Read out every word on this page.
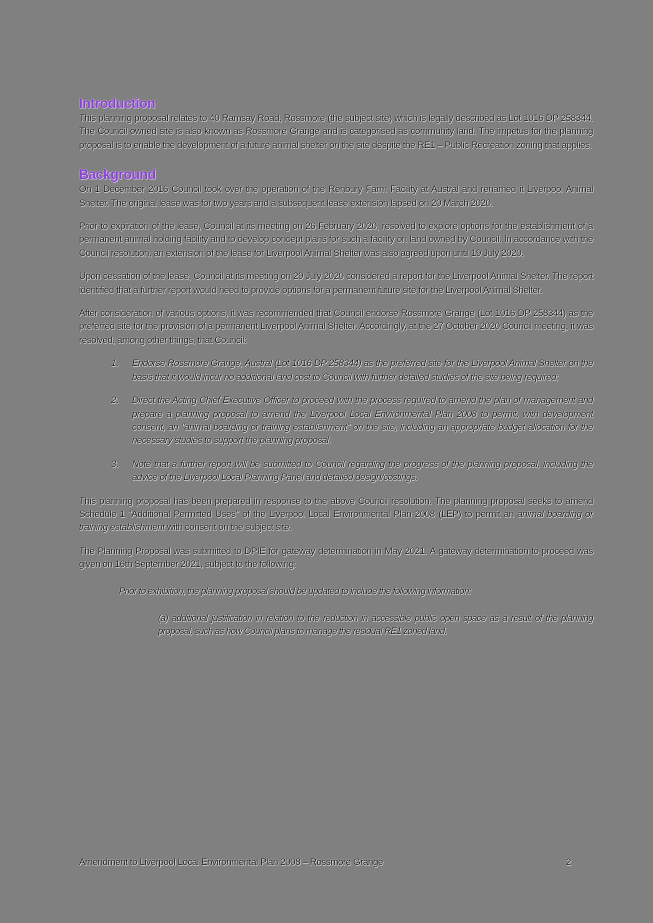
Introduction

This planning proposal relates to 40 Ramsay Road, Rossmore (the subject site) which is legally described as Lot 1016 DP 258344. The Council owned site is also known as Rossmore Grange and is categorised as community land. The impetus for the planning proposal is to enable the development of a future animal shelter on the site despite the RE1 – Public Recreation zoning that applies.

Background

On 1 December 2016 Council took over the operation of the Renbury Farm Facility at Austral and renamed it Liverpool Animal Shelter. The original lease was for two years and a subsequent lease extension lapsed on 20 March 2020.

Prior to expiration of the lease, Council at its meeting on 26 February 2020, resolved to explore options for the establishment of a permanent animal holding facility and to develop concept plans for such a facility on land owned by Council. In accordance with the Council resolution, an extension of the lease for Liverpool Animal Shelter was also agreed upon until 19 July 2020.

Upon cessation of the lease, Council at its meeting on 29 July 2020 considered a report for the Liverpool Animal Shelter. The report identified that a further report would need to provide options for a permanent future site for the Liverpool Animal Shelter.

After consideration of various options, it was recommended that Council endorse Rossmore Grange (Lot 1016 DP 258344) as the preferred site for the provision of a permanent Liverpool Animal Shelter. Accordingly, at the 27 October 2020 Council meeting, it was resolved, among other things, that Council:

1. Endorse Rossmore Grange, Austral (Lot 1016 DP 258344) as the preferred site for the Liverpool Animal Shelter on the basis that it would incur no additional land cost to Council with further detailed studies of the site being required;
2. Direct the Acting Chief Executive Officer to proceed with the process required to amend the plan of management and prepare a planning proposal to amend the Liverpool Local Environmental Plan 2008 to permit, with development consent, an "animal boarding or training establishment" on the site, including an appropriate budget allocation for the necessary studies to support the planning proposal.
3. Note that a further report will be submitted to Council regarding the progress of the planning proposal, including the advice of the Liverpool Local Planning Panel and detailed design/costings.

This planning proposal has been prepared in response to the above Council resolution. The planning proposal seeks to amend Schedule 1 "Additional Permitted Uses" of the Liverpool Local Environmental Plan 2008 (LEP) to permit an animal boarding or training establishment with consent on the subject site.

The Planning Proposal was submitted to DPIE for gateway determination in May 2021. A gateway determination to proceed was given on 16th September 2021, subject to the following:

Prior to exhibition, the planning proposal should be updated to include the following information:
(a) additional justification in relation to the reduction in accessible public open space as a result of the planning proposal, such as how Council plans to manage the residual RE1 zoned land.
Amendment to Liverpool Local Environmental Plan 2008 – Rossmore Grange	2
